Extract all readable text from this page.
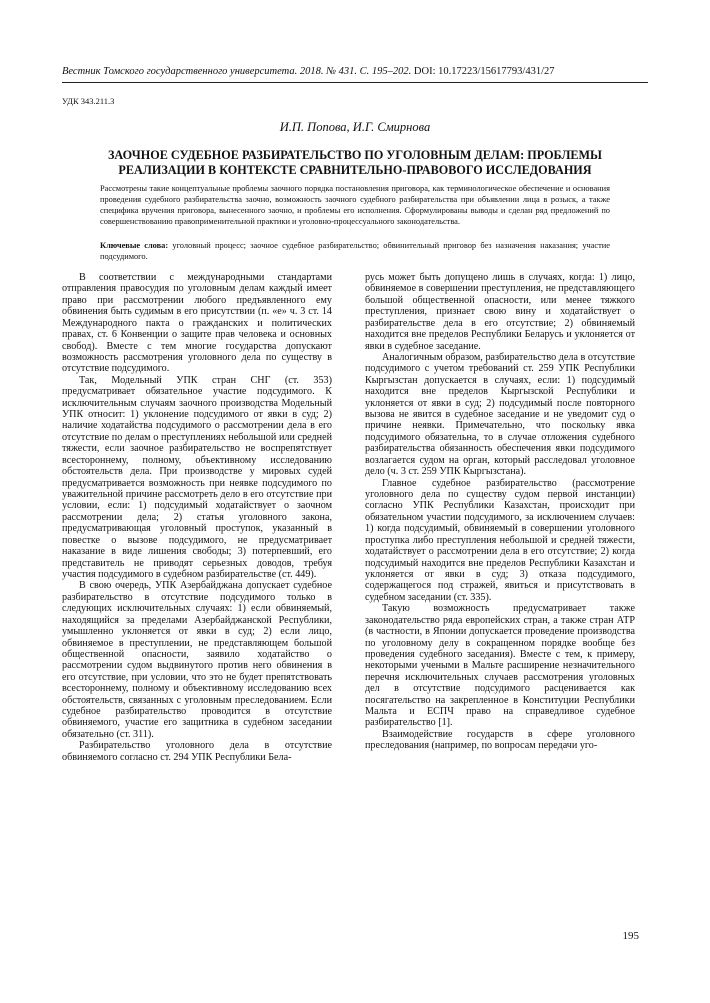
Вестник Томского государственного университета. 2018. № 431. С. 195–202. DOI: 10.17223/15617793/431/27
УДК 343.211.3
И.П. Попова, И.Г. Смирнова
ЗАОЧНОЕ СУДЕБНОЕ РАЗБИРАТЕЛЬСТВО ПО УГОЛОВНЫМ ДЕЛАМ: ПРОБЛЕМЫ
РЕАЛИЗАЦИИ В КОНТЕКСТЕ СРАВНИТЕЛЬНО-ПРАВОВОГО ИССЛЕДОВАНИЯ
Рассмотрены такие концептуальные проблемы заочного порядка постановления приговора, как терминологическое обеспечение и основания проведения судебного разбирательства заочно, возможность заочного судебного разбирательства при объявлении лица в розыск, а также специфика вручения приговора, вынесенного заочно, и проблемы его исполнения. Сформулированы выводы и сделан ряд предложений по совершенствованию правоприменительной практики и уголовно-процессуального законодательства.
Ключевые слова: уголовный процесс; заочное судебное разбирательство; обвинительный приговор без назначения наказания; участие подсудимого.

В соответствии с международными стандартами отправления правосудия по уголовным делам каждый имеет право при рассмотрении любого предъявленного ему обвинения быть судимым в его присутствии (п. «е» ч. 3 ст. 14 Международного пакта о гражданских и политических правах, ст. 6 Конвенции о защите прав человека и основных свобод). Вместе с тем многие государства допускают возможность рассмотрения уголовного дела по существу в отсутствие подсудимого.

Так, Модельный УПК стран СНГ (ст. 353) предусматривает обязательное участие подсудимого. К исключительным случаям заочного производства Модельный УПК относит: 1) уклонение подсудимого от явки в суд; 2) наличие ходатайства подсудимого о рассмотрении дела в его отсутствие по делам о преступлениях небольшой или средней тяжести, если заочное разбирательство не воспрепятствует всестороннему, полному, объективному исследованию обстоятельств дела. При производстве у мировых судей предусматривается возможность при неявке подсудимого по уважительной причине рассмотреть дело в его отсутствие при условии, если: 1) подсудимый ходатайствует о заочном рассмотрении дела; 2) статья уголовного закона, предусматривающая уголовный проступок, указанный в повестке о вызове подсудимого, не предусматривает наказание в виде лишения свободы; 3) потерпевший, его представитель не приводят серьезных доводов, требуя участия подсудимого в судебном разбирательстве (ст. 449).

В свою очередь, УПК Азербайджана допускает судебное разбирательство в отсутствие подсудимого только в следующих исключительных случаях: 1) если обвиняемый, находящийся за пределами Азербайджанской Республики, умышленно уклоняется от явки в суд; 2) если лицо, обвиняемое в преступлении, не представляющем большой общественной опасности, заявило ходатайство о рассмотрении судом выдвинутого против него обвинения в его отсутствие, при условии, что это не будет препятствовать всестороннему, полному и объективному исследованию всех обстоятельств, связанных с уголовным преследованием. Если судебное разбирательство проводится в отсутствие обвиняемого, участие его защитника в судебном заседании обязательно (ст. 311).

Разбирательство уголовного дела в отсутствие обвиняемого согласно ст. 294 УПК Республики Бела-

русь может быть допущено лишь в случаях, когда: 1) лицо, обвиняемое в совершении преступления, не представляющего большой общественной опасности, или менее тяжкого преступления, признает свою вину и ходатайствует о разбирательстве дела в его отсутствие; 2) обвиняемый находится вне пределов Республики Беларусь и уклоняется от явки в судебное заседание.

Аналогичным образом, разбирательство дела в отсутствие подсудимого с учетом требований ст. 259 УПК Республики Кыргызстан допускается в случаях, если: 1) подсудимый находится вне пределов Кыргызской Республики и уклоняется от явки в суд; 2) подсудимый после повторного вызова не явится в судебное заседание и не уведомит суд о причине неявки. Примечательно, что поскольку явка подсудимого обязательна, то в случае отложения судебного разбирательства обязанность обеспечения явки подсудимого возлагается судом на орган, который расследовал уголовное дело (ч. 3 ст. 259 УПК Кыргызстана).

Главное судебное разбирательство (рассмотрение уголовного дела по существу судом первой инстанции) согласно УПК Республики Казахстан, происходит при обязательном участии подсудимого, за исключением случаев: 1) когда подсудимый, обвиняемый в совершении уголовного проступка либо преступления небольшой и средней тяжести, ходатайствует о рассмотрении дела в его отсутствие; 2) когда подсудимый находится вне пределов Республики Казахстан и уклоняется от явки в суд; 3) отказа подсудимого, содержащегося под стражей, явиться и присутствовать в судебном заседании (ст. 335).

Такую возможность предусматривает также законодательство ряда европейских стран, а также стран АТР (в частности, в Японии допускается проведение производства по уголовному делу в сокращенном порядке вообще без проведения судебного заседания). Вместе с тем, к примеру, некоторыми учеными в Мальте расширение незначительного перечня исключительных случаев рассмотрения уголовных дел в отсутствие подсудимого расценивается как посягательство на закрепленное в Конституции Республики Мальта и ЕСПЧ право на справедливое судебное разбирательство [1].

Взаимодействие государств в сфере уголовного преследования (например, по вопросам передачи уго-

195
